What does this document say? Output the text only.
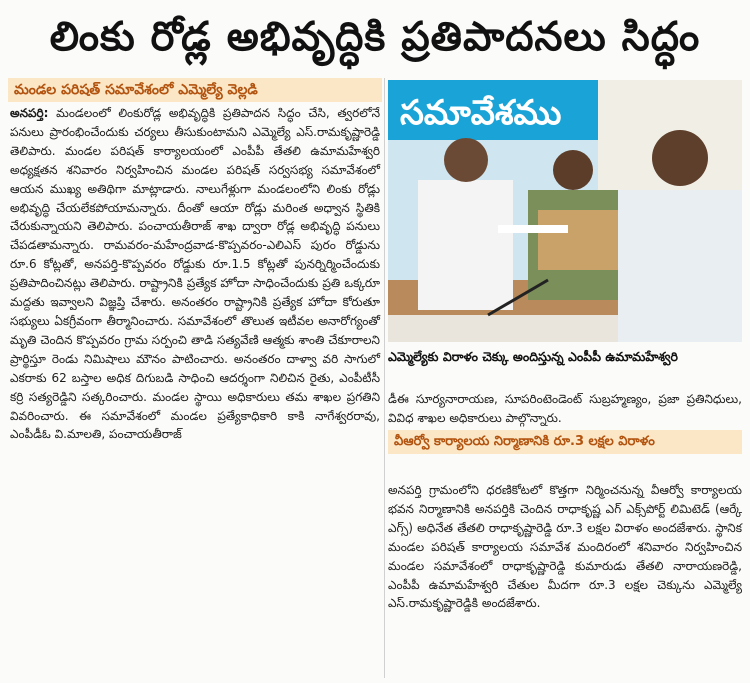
లింకు రోడ్ల అభివృద్ధికి ప్రతిపాదనలు సిద్ధం
మండల పరిషత్ సమావేశంలో ఎమ్మెల్యే వెల్లడి

అనపర్తి: మండలంలో లింకురోడ్ల అభివృద్ధికి ప్రతిపాదన సిద్ధం చేసి, త్వరలోనే పనులు ప్రారంభించేందుకు చర్యలు తీసుకుంటామని ఎమ్మెల్యే ఎస్.రామకృష్ణారెడ్డి తెలిపారు. మండల పరిషత్ కార్యాలయంలో ఎంపీపీ తేతలి ఉమామహేశ్వరి అధ్యక్షతన శనివారం నిర్వహించిన మండల పరిషత్ సర్వసభ్య సమావేశంలో ఆయన ముఖ్య అతిథిగా మాట్లాడారు. నాలుగేళ్లుగా మండలంలోని లింకు రోడ్లు అభివృద్ధి చేయలేకపోయామన్నారు. దీంతో ఆయా రోడ్లు మరింత అధ్వాన స్థితికి చేరుకున్నాయని తెలిపారు. పంచాయతీరాజ్ శాఖ ద్వారా రోడ్ల అభివృద్ధి పనులు చేపడతామన్నారు. రామవరం-మహేంద్రవాడ-కొప్పవరం-ఎలిఎస్ పురం రోడ్డును రూ.6 కోట్లతో, అనపర్తి-కొప్పవరం రోడ్డుకు రూ.1.5 కోట్లతో పునర్నిర్మించేందుకు ప్రతిపాదించినట్లు తెలిపారు. రాష్ట్రానికి ప్రత్యేక హోదా సాధించేందుకు ప్రతి ఒక్కరూ మద్దతు ఇవ్వాలని విజ్ఞప్తి చేశారు. అనంతరం రాష్ట్రానికి ప్రత్యేక హోదా కోరుతూ సభ్యులు ఏకగ్రీవంగా తీర్మానించారు. సమావేశంలో తొలుత ఇటీవల అనారోగ్యంతో మృతి చెందిన కొప్పవరం గ్రామ సర్పంచి తాడి సత్యవేణి ఆత్మకు శాంతి చేకూరాలని ప్రార్థిస్తూ రెండు నిమిషాలు మౌనం పాటించారు. అనంతరం దాళ్వా వరి సాగులో ఎకరాకు 62 బస్తాల అధిక దిగుబడి సాధించి ఆదర్శంగా నిలిచిన రైతు, ఎంపీటీసీ కర్రి సత్యరెడ్డిని సత్కరించారు. మండల స్థాయి అధికారులు తమ శాఖల ప్రగతిని వివరించారు. ఈ సమావేశంలో మండల ప్రత్యేకాధికారి కాకి నాగేశ్వరరావు, ఎంపీడీఓ వి.మాలతి, పంచాయతీరాజ్

సమావేశము
ఎమ్మెల్యేకు విరాళం చెక్కు అందిస్తున్న ఎంపీపీ ఉమామహేశ్వరి

డీఈ సూర్యనారాయణ, సూపరింటెండెంట్ సుబ్రహ్మణ్యం, ప్రజా ప్రతినిధులు, వివిధ శాఖల అధికారులు పాల్గొన్నారు.

వీఆర్వో కార్యాలయ నిర్మాణానికి రూ.3 లక్షల విరాళం

అనపర్తి గ్రామంలోని ధరణికోటలో కొత్తగా నిర్మించనున్న వీఆర్వో కార్యాలయ భవన నిర్మాణానికి అనపర్తికి చెందిన రాధాకృష్ణ ఎగ్ ఎక్స్‌పోర్ట్ లిమిటెడ్ (ఆర్కే ఎగ్స్) అధినేత తేతలి రాధాకృష్ణారెడ్డి రూ.3 లక్షల విరాళం అందజేశారు. స్థానిక మండల పరిషత్ కార్యాలయ సమావేశ మందిరంలో శనివారం నిర్వహించిన మండల సమావేశంలో రాధాకృష్ణారెడ్డి కుమారుడు తేతలి నారాయణరెడ్డి, ఎంపీపీ ఉమామహేశ్వరి చేతుల మీదగా రూ.3 లక్షల చెక్కును ఎమ్మెల్యే ఎస్.రామకృష్ణారెడ్డికి అందజేశారు.
